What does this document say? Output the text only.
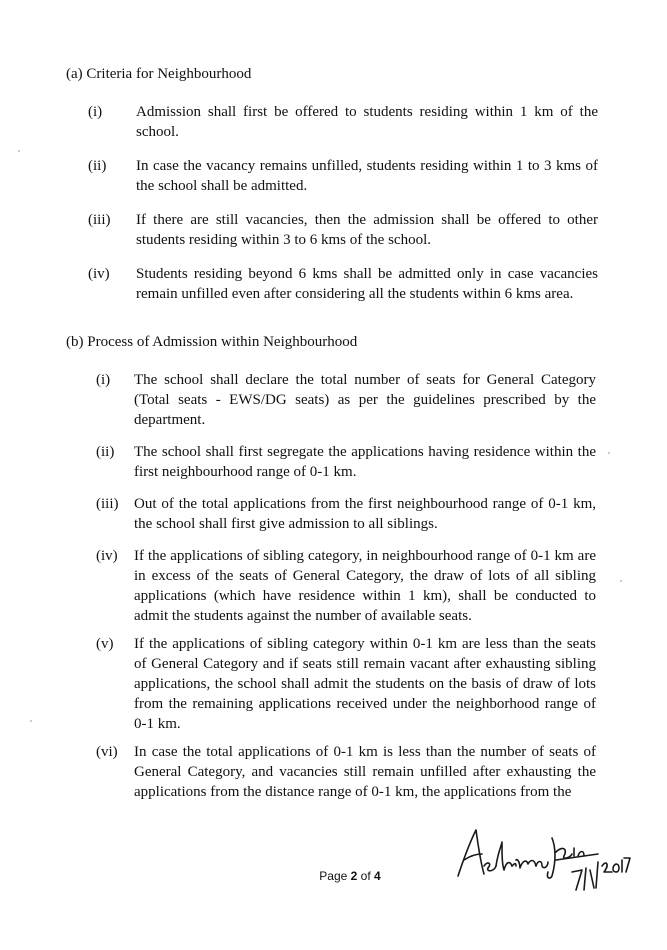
(a) Criteria for Neighbourhood
(i) Admission shall first be offered to students residing within 1 km of the school.
(ii) In case the vacancy remains unfilled, students residing within 1 to 3 kms of the school shall be admitted.
(iii) If there are still vacancies, then the admission shall be offered to other students residing within 3 to 6 kms of the school.
(iv) Students residing beyond 6 kms shall be admitted only in case vacancies remain unfilled even after considering all the students within 6 kms area.
(b) Process of Admission within Neighbourhood
(i) The school shall declare the total number of seats for General Category (Total seats - EWS/DG seats) as per the guidelines prescribed by the department.
(ii) The school shall first segregate the applications having residence within the first neighbourhood range of 0-1 km.
(iii) Out of the total applications from the first neighbourhood range of 0-1 km, the school shall first give admission to all siblings.
(iv) If the applications of sibling category, in neighbourhood range of 0-1 km are in excess of the seats of General Category, the draw of lots of all sibling applications (which have residence within 1 km), shall be conducted to admit the students against the number of available seats.
(v) If the applications of sibling category within 0-1 km are less than the seats of General Category and if seats still remain vacant after exhausting sibling applications, the school shall admit the students on the basis of draw of lots from the remaining applications received under the neighborhood range of 0-1 km.
(vi) In case the total applications of 0-1 km is less than the number of seats of General Category, and vacancies still remain unfilled after exhausting the applications from the distance range of 0-1 km, the applications from the
Page 2 of 4
